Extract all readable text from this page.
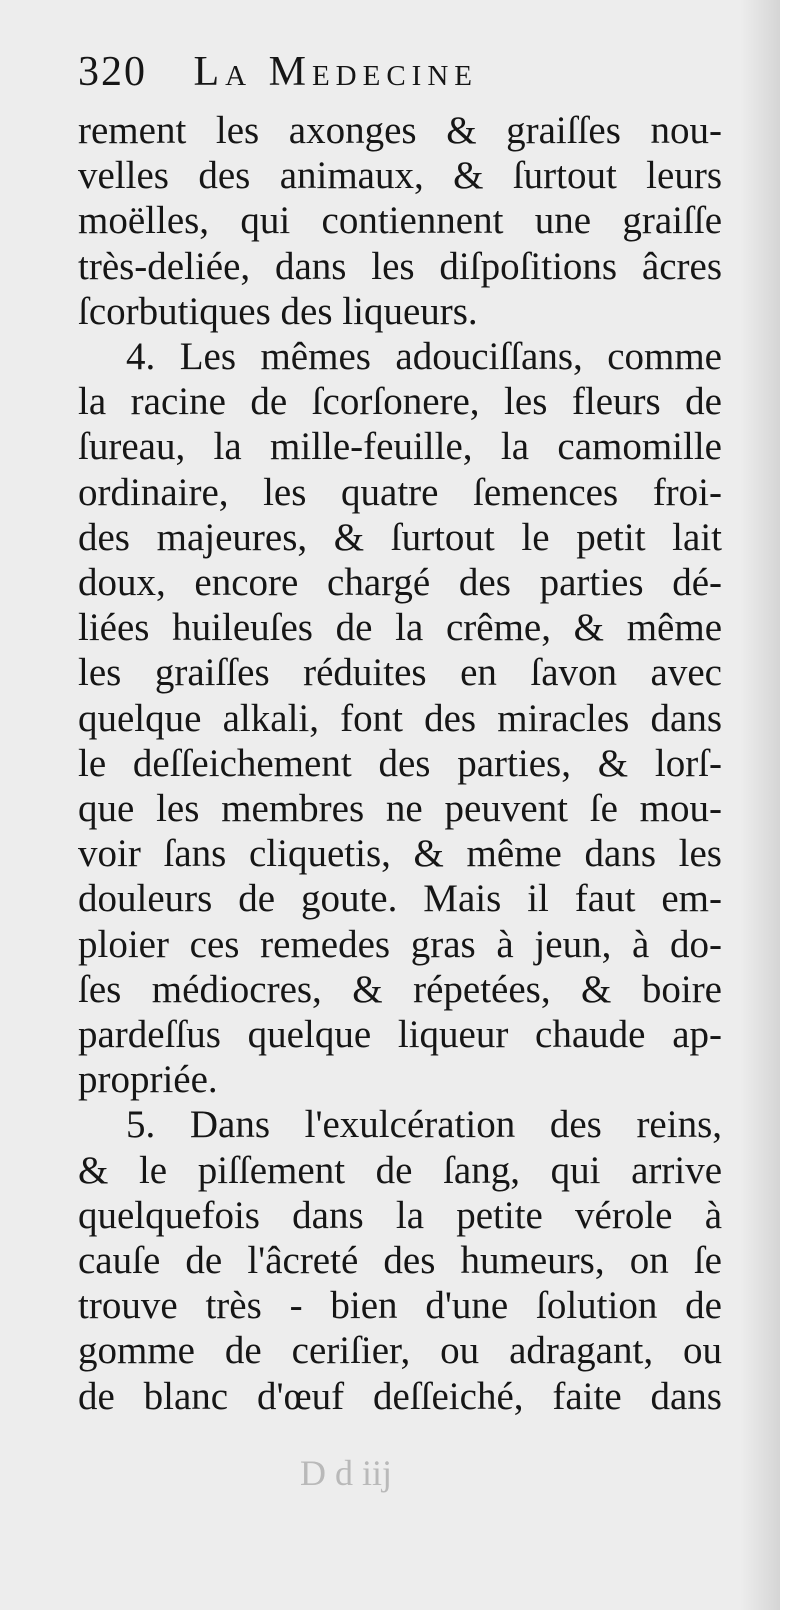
320 La Medecine
rement les axonges & graiſſes nou-
velles des animaux, & ſurtout leurs
moëlles, qui contiennent une graiſſe
très-deliée, dans les diſpoſitions âcres
ſcorbutiques des liqueurs.
4. Les mêmes adouciſſans, comme
la racine de ſcorſonere, les fleurs de
ſureau, la mille-feuille, la camomille
ordinaire, les quatre ſemences froi-
des majeures, & ſurtout le petit lait
doux, encore chargé des parties dé-
liées huileuſes de la crême, & même
les graiſſes réduites en ſavon avec
quelque alkali, font des miracles dans
le deſſeichement des parties, & lorſ-
que les membres ne peuvent ſe mou-
voir ſans cliquetis, & même dans les
douleurs de goute. Mais il faut em-
ploier ces remedes gras à jeun, à do-
ſes médiocres, & répetées, & boire
pardeſſus quelque liqueur chaude ap-
propriée.
5. Dans l'exulcération des reins,
& le piſſement de ſang, qui arrive
quelquefois dans la petite vérole à
cauſe de l'âcreté des humeurs, on ſe
trouve très - bien d'une ſolution de
gomme de ceriſier, ou adragant, ou
de blanc d'œuf deſſeiché, faite dans
D d iij
